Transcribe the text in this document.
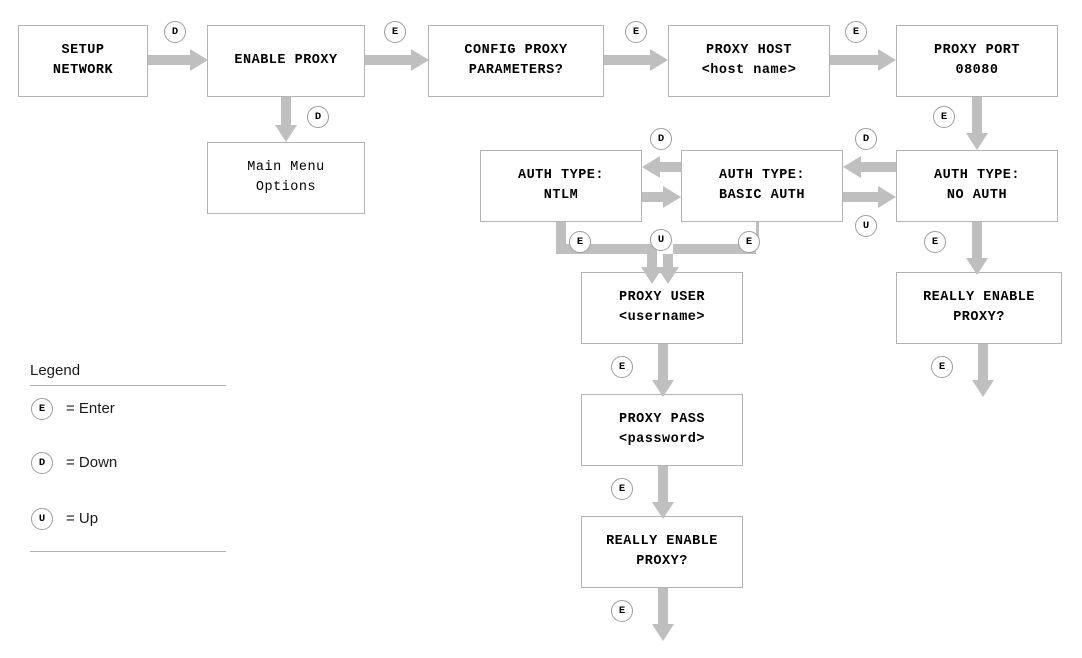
SETUP
NETWORK
ENABLE PROXY
Main Menu
Options
CONFIG PROXY
PARAMETERS?
PROXY HOST
<host name>
PROXY PORT
08080
AUTH TYPE:
NTLM
AUTH TYPE:
BASIC AUTH
AUTH TYPE:
NO AUTH
PROXY USER
<username>
REALLY ENABLE
PROXY?
PROXY PASS
<password>
REALLY ENABLE
PROXY?
D	E	E	E
D	E
D	D
U
U
E	E	E
E	E
E
E
Legend
E	= Enter
D	= Down
U	= Up
